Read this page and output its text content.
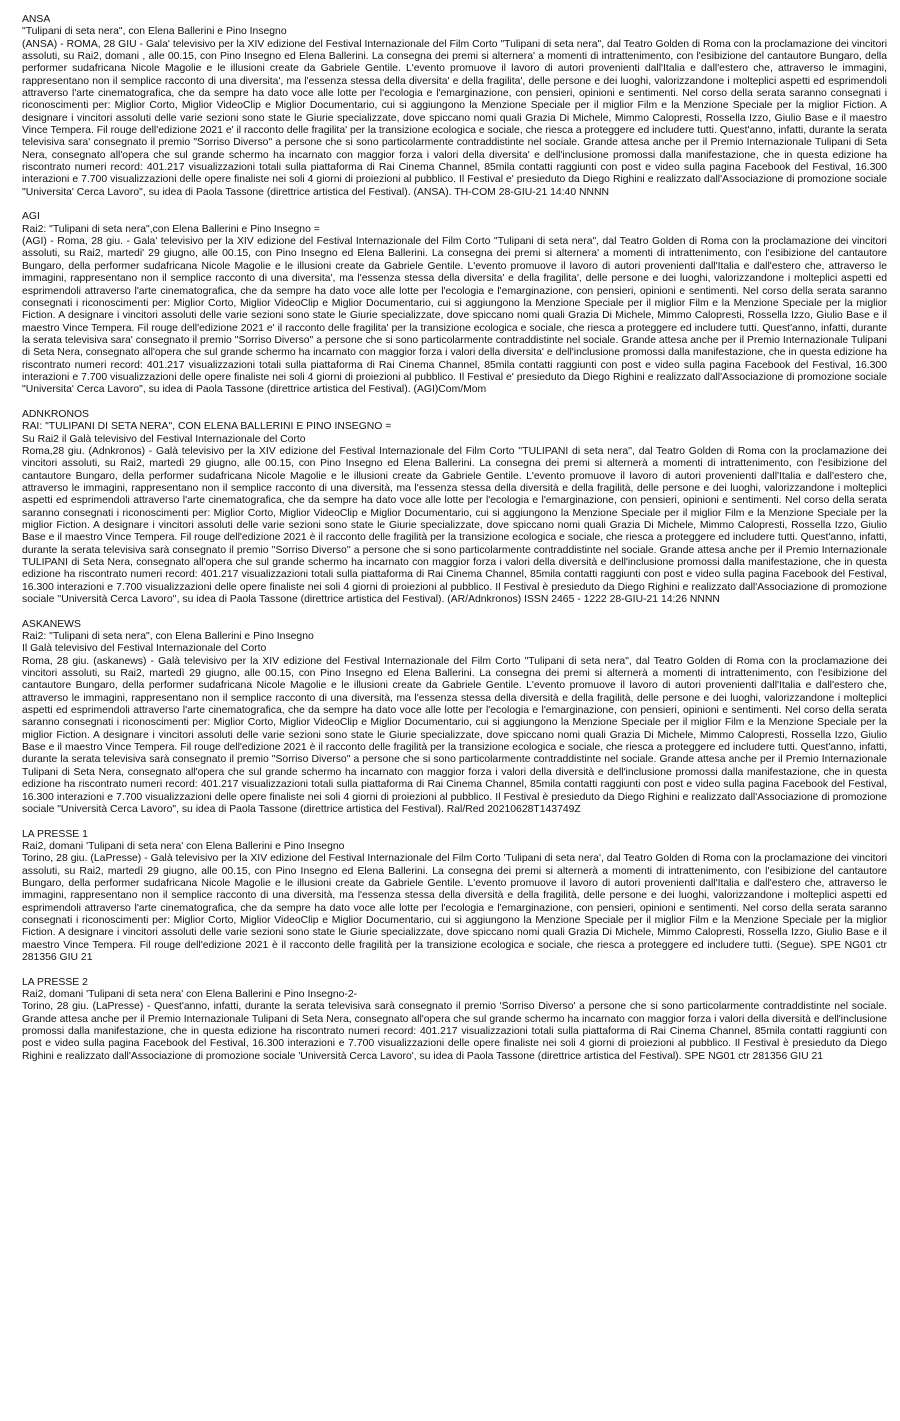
ANSA
"Tulipani di seta nera", con Elena Ballerini e Pino Insegno
(ANSA) - ROMA, 28 GIU - Gala' televisivo per la XIV edizione del Festival Internazionale del Film Corto "Tulipani di seta nera", dal Teatro Golden di Roma con la proclamazione dei vincitori assoluti, su Rai2, domani , alle 00.15, con Pino Insegno ed Elena Ballerini. La consegna dei premi si alternera' a momenti di intrattenimento, con l'esibizione del cantautore Bungaro, della performer sudafricana Nicole Magolie e le illusioni create da Gabriele Gentile. L'evento promuove il lavoro di autori provenienti dall'Italia e dall'estero che, attraverso le immagini, rappresentano non il semplice racconto di una diversita', ma l'essenza stessa della diversita' e della fragilita', delle persone e dei luoghi, valorizzandone i molteplici aspetti ed esprimendoli attraverso l'arte cinematografica, che da sempre ha dato voce alle lotte per l'ecologia e l'emarginazione, con pensieri, opinioni e sentimenti. Nel corso della serata saranno consegnati i riconoscimenti per: Miglior Corto, Miglior VideoClip e Miglior Documentario, cui si aggiungono la Menzione Speciale per il miglior Film e la Menzione Speciale per la miglior Fiction. A designare i vincitori assoluti delle varie sezioni sono state le Giurie specializzate, dove spiccano nomi quali Grazia Di Michele, Mimmo Calopresti, Rossella Izzo, Giulio Base e il maestro Vince Tempera. Fil rouge dell'edizione 2021 e' il racconto delle fragilita' per la transizione ecologica e sociale, che riesca a proteggere ed includere tutti. Quest'anno, infatti, durante la serata televisiva sara' consegnato il premio "Sorriso Diverso" a persone che si sono particolarmente contraddistinte nel sociale. Grande attesa anche per il Premio Internazionale Tulipani di Seta Nera, consegnato all'opera che sul grande schermo ha incarnato con maggior forza i valori della diversita' e dell'inclusione promossi dalla manifestazione, che in questa edizione ha riscontrato numeri record: 401.217 visualizzazioni totali sulla piattaforma di Rai Cinema Channel, 85mila contatti raggiunti con post e video sulla pagina Facebook del Festival, 16.300 interazioni e 7.700 visualizzazioni delle opere finaliste nei soli 4 giorni di proiezioni al pubblico. Il Festival e' presieduto da Diego Righini e realizzato dall'Associazione di promozione sociale "Universita' Cerca Lavoro", su idea di Paola Tassone (direttrice artistica del Festival). (ANSA). TH-COM 28-GIU-21 14:40 NNNN
AGI
Rai2: "Tulipani di seta nera",con Elena Ballerini e Pino Insegno =
(AGI) - Roma, 28 giu. - Gala' televisivo per la XIV edizione del Festival Internazionale del Film Corto "Tulipani di seta nera", dal Teatro Golden di Roma con la proclamazione dei vincitori assoluti, su Rai2, martedi' 29 giugno, alle 00.15, con Pino Insegno ed Elena Ballerini. La consegna dei premi si alternera' a momenti di intrattenimento, con l'esibizione del cantautore Bungaro, della performer sudafricana Nicole Magolie e le illusioni create da Gabriele Gentile. L'evento promuove il lavoro di autori provenienti dall'Italia e dall'estero che, attraverso le immagini, rappresentano non il semplice racconto di una diversita', ma l'essenza stessa della diversita' e della fragilita', delle persone e dei luoghi, valorizzandone i molteplici aspetti ed esprimendoli attraverso l'arte cinematografica, che da sempre ha dato voce alle lotte per l'ecologia e l'emarginazione, con pensieri, opinioni e sentimenti. Nel corso della serata saranno consegnati i riconoscimenti per: Miglior Corto, Miglior VideoClip e Miglior Documentario, cui si aggiungono la Menzione Speciale per il miglior Film e la Menzione Speciale per la miglior Fiction. A designare i vincitori assoluti delle varie sezioni sono state le Giurie specializzate, dove spiccano nomi quali Grazia Di Michele, Mimmo Calopresti, Rossella Izzo, Giulio Base e il maestro Vince Tempera. Fil rouge dell'edizione 2021 e' il racconto delle fragilita' per la transizione ecologica e sociale, che riesca a proteggere ed includere tutti. Quest'anno, infatti, durante la serata televisiva sara' consegnato il premio "Sorriso Diverso" a persone che si sono particolarmente contraddistinte nel sociale. Grande attesa anche per il Premio Internazionale Tulipani di Seta Nera, consegnato all'opera che sul grande schermo ha incarnato con maggior forza i valori della diversita' e dell'inclusione promossi dalla manifestazione, che in questa edizione ha riscontrato numeri record: 401.217 visualizzazioni totali sulla piattaforma di Rai Cinema Channel, 85mila contatti raggiunti con post e video sulla pagina Facebook del Festival, 16.300 interazioni e 7.700 visualizzazioni delle opere finaliste nei soli 4 giorni di proiezioni al pubblico. Il Festival e' presieduto da Diego Righini e realizzato dall'Associazione di promozione sociale "Universita' Cerca Lavoro", su idea di Paola Tassone (direttrice artistica del Festival). (AGI)Com/Mom
ADNKRONOS
RAI: "TULIPANI DI SETA NERA", CON ELENA BALLERINI E PINO INSEGNO =
Su Rai2 il Galà televisivo del Festival Internazionale del Corto
Roma,28 giu. (Adnkronos) - Galà televisivo per la XIV edizione del Festival Internazionale del Film Corto ''TULIPANI di seta nera'', dal Teatro Golden di Roma con la proclamazione dei vincitori assoluti, su Rai2, martedì 29 giugno, alle 00.15, con Pino Insegno ed Elena Ballerini. La consegna dei premi si alternerà a momenti di intrattenimento, con l'esibizione del cantautore Bungaro, della performer sudafricana Nicole Magolie e le illusioni create da Gabriele Gentile. L'evento promuove il lavoro di autori provenienti dall'Italia e dall'estero che, attraverso le immagini, rappresentano non il semplice racconto di una diversità, ma l'essenza stessa della diversità e della fragilità, delle persone e dei luoghi, valorizzandone i molteplici aspetti ed esprimendoli attraverso l'arte cinematografica, che da sempre ha dato voce alle lotte per l'ecologia e l'emarginazione, con pensieri, opinioni e sentimenti. Nel corso della serata saranno consegnati i riconoscimenti per: Miglior Corto, Miglior VideoClip e Miglior Documentario, cui si aggiungono la Menzione Speciale per il miglior Film e la Menzione Speciale per la miglior Fiction. A designare i vincitori assoluti delle varie sezioni sono state le Giurie specializzate, dove spiccano nomi quali Grazia Di Michele, Mimmo Calopresti, Rossella Izzo, Giulio Base e il maestro Vince Tempera. Fil rouge dell'edizione 2021 è il racconto delle fragilità per la transizione ecologica e sociale, che riesca a proteggere ed includere tutti. Quest'anno, infatti, durante la serata televisiva sarà consegnato il premio ''Sorriso Diverso'' a persone che si sono particolarmente contraddistinte nel sociale. Grande attesa anche per il Premio Internazionale TULIPANI di Seta Nera, consegnato all'opera che sul grande schermo ha incarnato con maggior forza i valori della diversità e dell'inclusione promossi dalla manifestazione, che in questa edizione ha riscontrato numeri record: 401.217 visualizzazioni totali sulla piattaforma di Rai Cinema Channel, 85mila contatti raggiunti con post e video sulla pagina Facebook del Festival, 16.300 interazioni e 7.700 visualizzazioni delle opere finaliste nei soli 4 giorni di proiezioni al pubblico. Il Festival è presieduto da Diego Righini e realizzato dall'Associazione di promozione sociale ''Università Cerca Lavoro'', su idea di Paola Tassone (direttrice artistica del Festival). (AR/Adnkronos) ISSN 2465 - 1222 28-GIU-21 14:26 NNNN
ASKANEWS
Rai2: "Tulipani di seta nera", con Elena Ballerini e Pino Insegno
Il Galà televisivo del Festival Internazionale del Corto
Roma, 28 giu. (askanews) - Galà televisivo per la XIV edizione del Festival Internazionale del Film Corto "Tulipani di seta nera", dal Teatro Golden di Roma con la proclamazione dei vincitori assoluti, su Rai2, martedì 29 giugno, alle 00.15, con Pino Insegno ed Elena Ballerini. La consegna dei premi si alternerà a momenti di intrattenimento, con l'esibizione del cantautore Bungaro, della performer sudafricana Nicole Magolie e le illusioni create da Gabriele Gentile. L'evento promuove il lavoro di autori provenienti dall'Italia e dall'estero che, attraverso le immagini, rappresentano non il semplice racconto di una diversità, ma l'essenza stessa della diversità e della fragilità, delle persone e dei luoghi, valorizzandone i molteplici aspetti ed esprimendoli attraverso l'arte cinematografica, che da sempre ha dato voce alle lotte per l'ecologia e l'emarginazione, con pensieri, opinioni e sentimenti. Nel corso della serata saranno consegnati i riconoscimenti per: Miglior Corto, Miglior VideoClip e Miglior Documentario, cui si aggiungono la Menzione Speciale per il miglior Film e la Menzione Speciale per la miglior Fiction. A designare i vincitori assoluti delle varie sezioni sono state le Giurie specializzate, dove spiccano nomi quali Grazia Di Michele, Mimmo Calopresti, Rossella Izzo, Giulio Base e il maestro Vince Tempera. Fil rouge dell'edizione 2021 è il racconto delle fragilità per la transizione ecologica e sociale, che riesca a proteggere ed includere tutti. Quest'anno, infatti, durante la serata televisiva sarà consegnato il premio "Sorriso Diverso" a persone che si sono particolarmente contraddistinte nel sociale. Grande attesa anche per il Premio Internazionale Tulipani di Seta Nera, consegnato all'opera che sul grande schermo ha incarnato con maggior forza i valori della diversità e dell'inclusione promossi dalla manifestazione, che in questa edizione ha riscontrato numeri record: 401.217 visualizzazioni totali sulla piattaforma di Rai Cinema Channel, 85mila contatti raggiunti con post e video sulla pagina Facebook del Festival, 16.300 interazioni e 7.700 visualizzazioni delle opere finaliste nei soli 4 giorni di proiezioni al pubblico. Il Festival è presieduto da Diego Righini e realizzato dall'Associazione di promozione sociale "Università Cerca Lavoro", su idea di Paola Tassone (direttrice artistica del Festival). Ral/Red 20210628T143749Z
LA PRESSE 1
Rai2, domani 'Tulipani di seta nera' con Elena Ballerini e Pino Insegno
Torino, 28 giu. (LaPresse) - Galà televisivo per la XIV edizione del Festival Internazionale del Film Corto 'Tulipani di seta nera', dal Teatro Golden di Roma con la proclamazione dei vincitori assoluti, su Rai2, martedì 29 giugno, alle 00.15, con Pino Insegno ed Elena Ballerini. La consegna dei premi si alternerà a momenti di intrattenimento, con l'esibizione del cantautore Bungaro, della performer sudafricana Nicole Magolie e le illusioni create da Gabriele Gentile. L'evento promuove il lavoro di autori provenienti dall'Italia e dall'estero che, attraverso le immagini, rappresentano non il semplice racconto di una diversità, ma l'essenza stessa della diversità e della fragilità, delle persone e dei luoghi, valorizzandone i molteplici aspetti ed esprimendoli attraverso l'arte cinematografica, che da sempre ha dato voce alle lotte per l'ecologia e l'emarginazione, con pensieri, opinioni e sentimenti. Nel corso della serata saranno consegnati i riconoscimenti per: Miglior Corto, Miglior VideoClip e Miglior Documentario, cui si aggiungono la Menzione Speciale per il miglior Film e la Menzione Speciale per la miglior Fiction. A designare i vincitori assoluti delle varie sezioni sono state le Giurie specializzate, dove spiccano nomi quali Grazia Di Michele, Mimmo Calopresti, Rossella Izzo, Giulio Base e il maestro Vince Tempera. Fil rouge dell'edizione 2021 è il racconto delle fragilità per la transizione ecologica e sociale, che riesca a proteggere ed includere tutti. (Segue). SPE NG01 ctr 281356 GIU 21
LA PRESSE 2
Rai2, domani 'Tulipani di seta nera' con Elena Ballerini e Pino Insegno-2-
Torino, 28 giu. (LaPresse) - Quest'anno, infatti, durante la serata televisiva sarà consegnato il premio 'Sorriso Diverso' a persone che si sono particolarmente contraddistinte nel sociale. Grande attesa anche per il Premio Internazionale Tulipani di Seta Nera, consegnato all'opera che sul grande schermo ha incarnato con maggior forza i valori della diversità e dell'inclusione promossi dalla manifestazione, che in questa edizione ha riscontrato numeri record: 401.217 visualizzazioni totali sulla piattaforma di Rai Cinema Channel, 85mila contatti raggiunti con post e video sulla pagina Facebook del Festival, 16.300 interazioni e 7.700 visualizzazioni delle opere finaliste nei soli 4 giorni di proiezioni al pubblico. Il Festival è presieduto da Diego Righini e realizzato dall'Associazione di promozione sociale 'Università Cerca Lavoro', su idea di Paola Tassone (direttrice artistica del Festival). SPE NG01 ctr 281356 GIU 21
